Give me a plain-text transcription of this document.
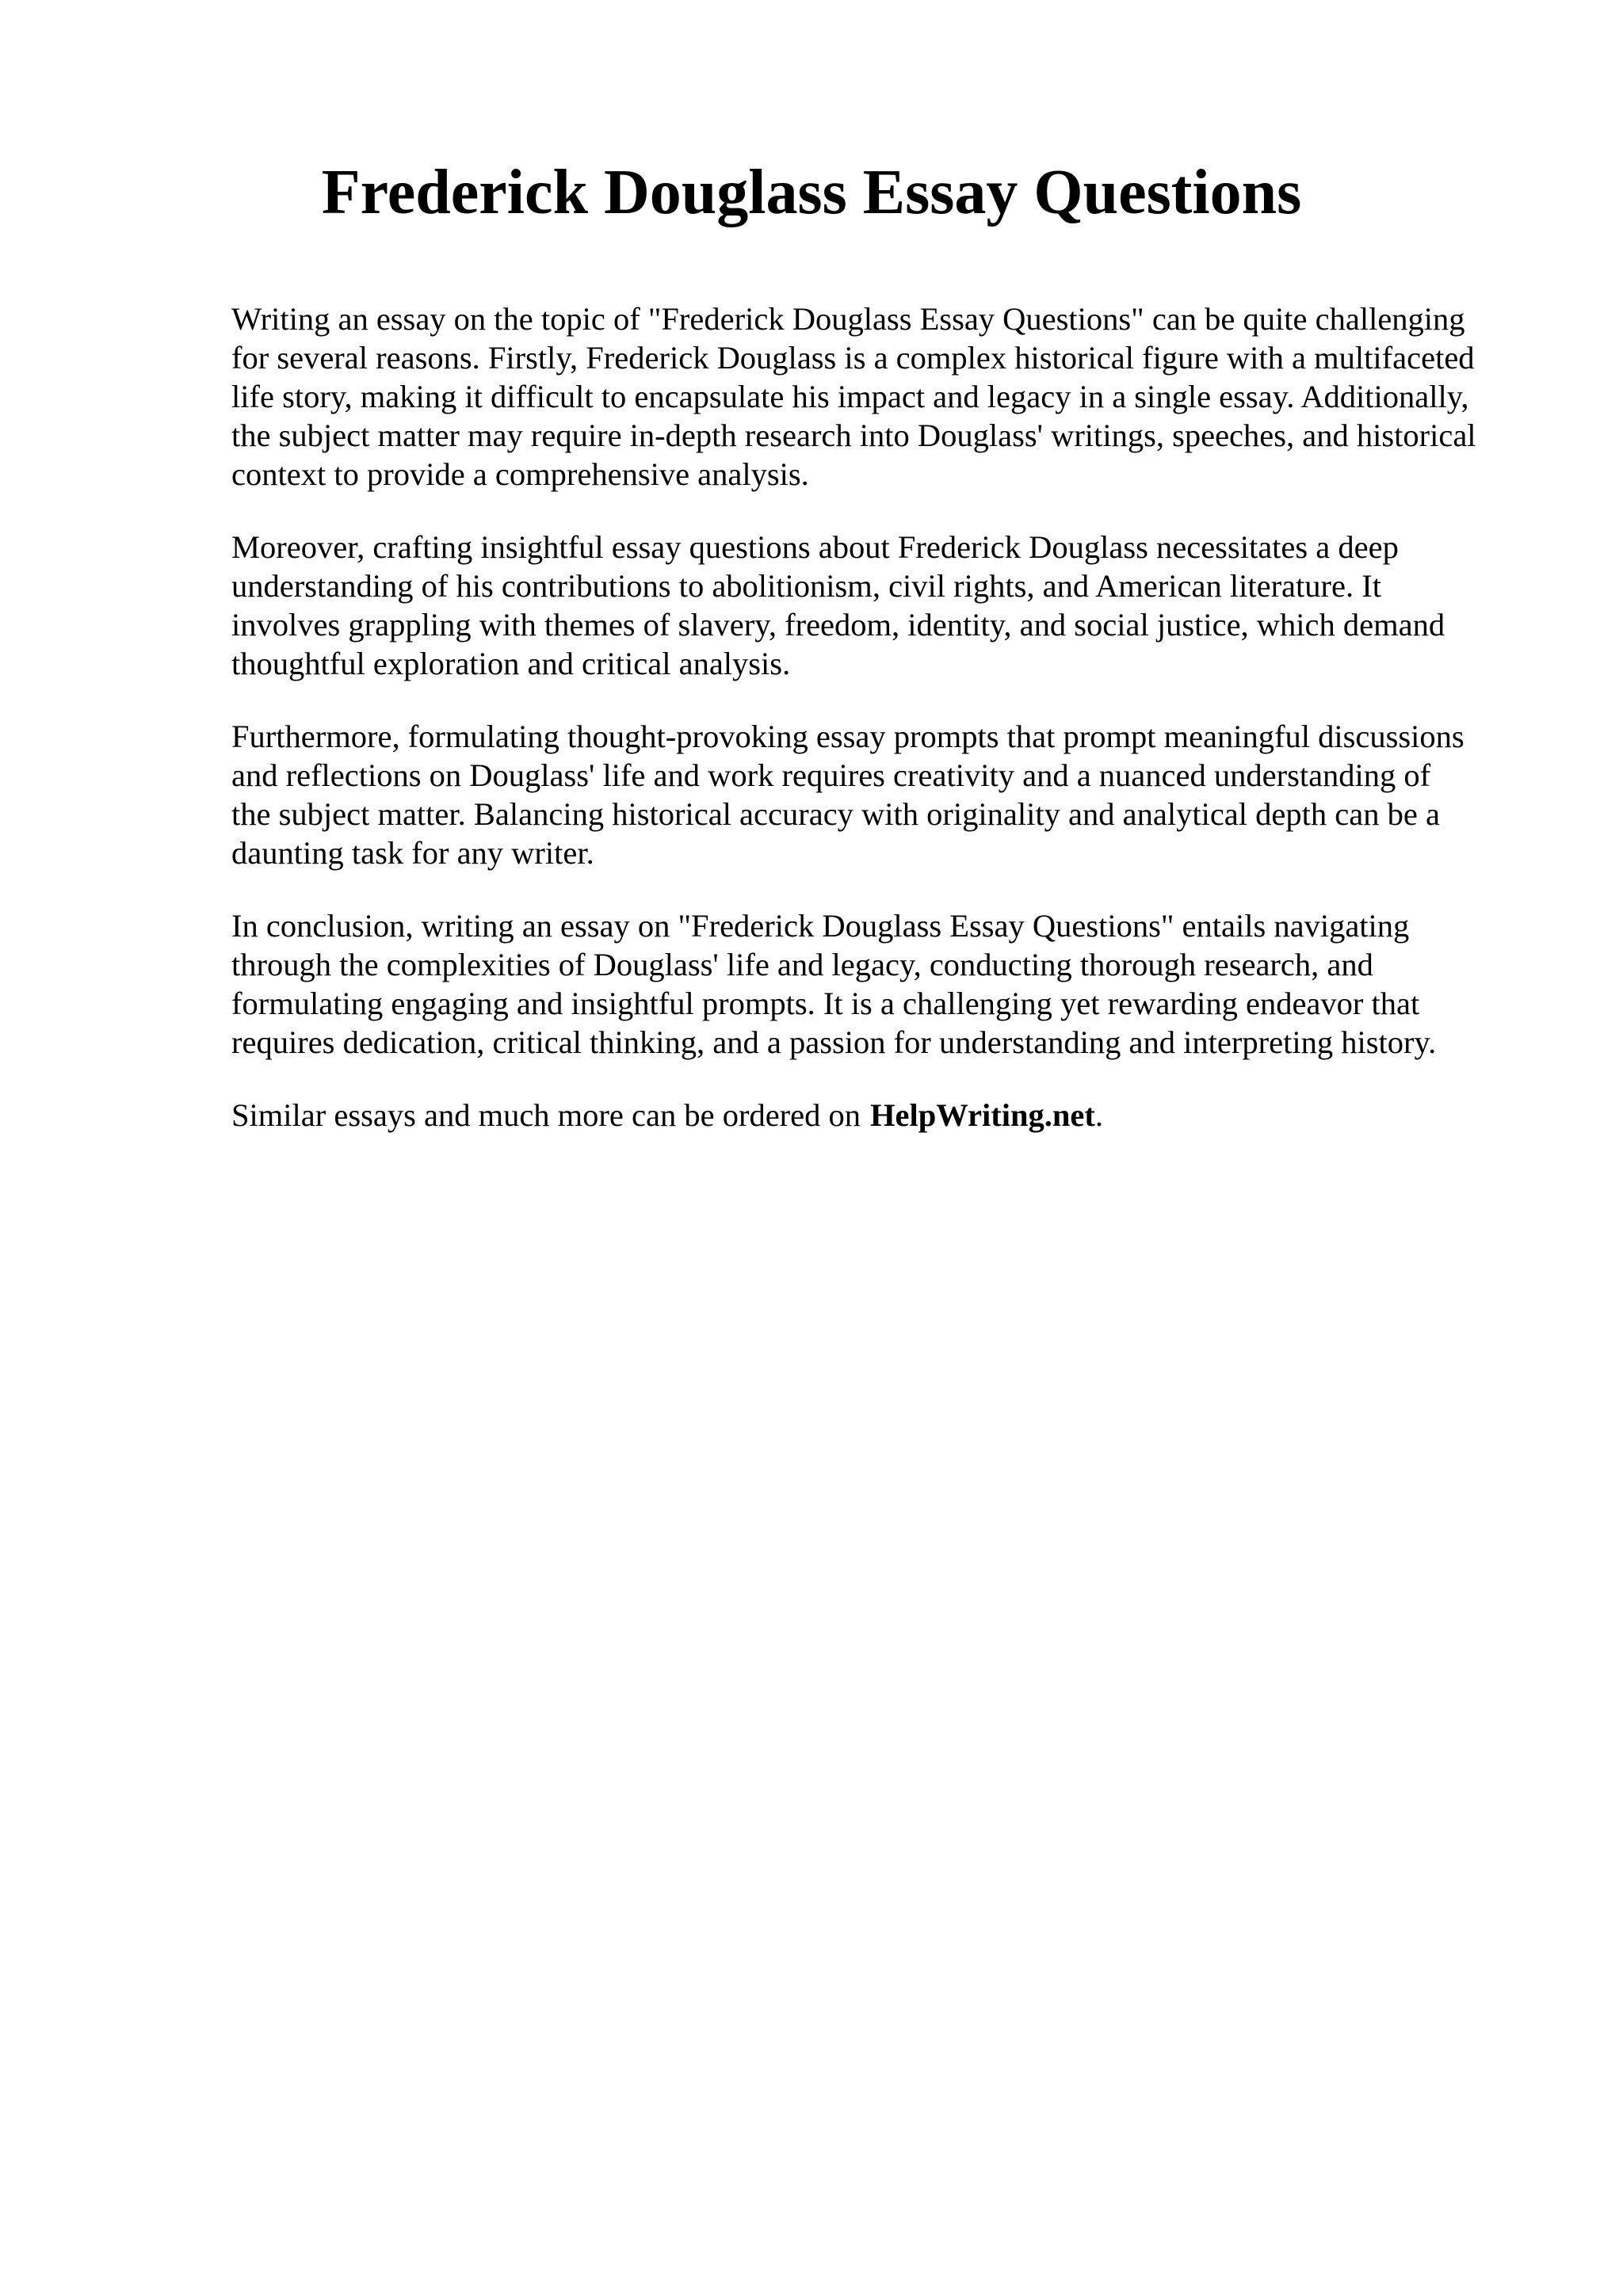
Frederick Douglass Essay Questions

Writing an essay on the topic of "Frederick Douglass Essay Questions" can be quite challenging
for several reasons. Firstly, Frederick Douglass is a complex historical figure with a multifaceted
life story, making it difficult to encapsulate his impact and legacy in a single essay. Additionally,
the subject matter may require in-depth research into Douglass' writings, speeches, and historical
context to provide a comprehensive analysis.

Moreover, crafting insightful essay questions about Frederick Douglass necessitates a deep
understanding of his contributions to abolitionism, civil rights, and American literature. It
involves grappling with themes of slavery, freedom, identity, and social justice, which demand
thoughtful exploration and critical analysis.

Furthermore, formulating thought-provoking essay prompts that prompt meaningful discussions
and reflections on Douglass' life and work requires creativity and a nuanced understanding of
the subject matter. Balancing historical accuracy with originality and analytical depth can be a
daunting task for any writer.

In conclusion, writing an essay on "Frederick Douglass Essay Questions" entails navigating
through the complexities of Douglass' life and legacy, conducting thorough research, and
formulating engaging and insightful prompts. It is a challenging yet rewarding endeavor that
requires dedication, critical thinking, and a passion for understanding and interpreting history.

Similar essays and much more can be ordered on HelpWriting.net.
